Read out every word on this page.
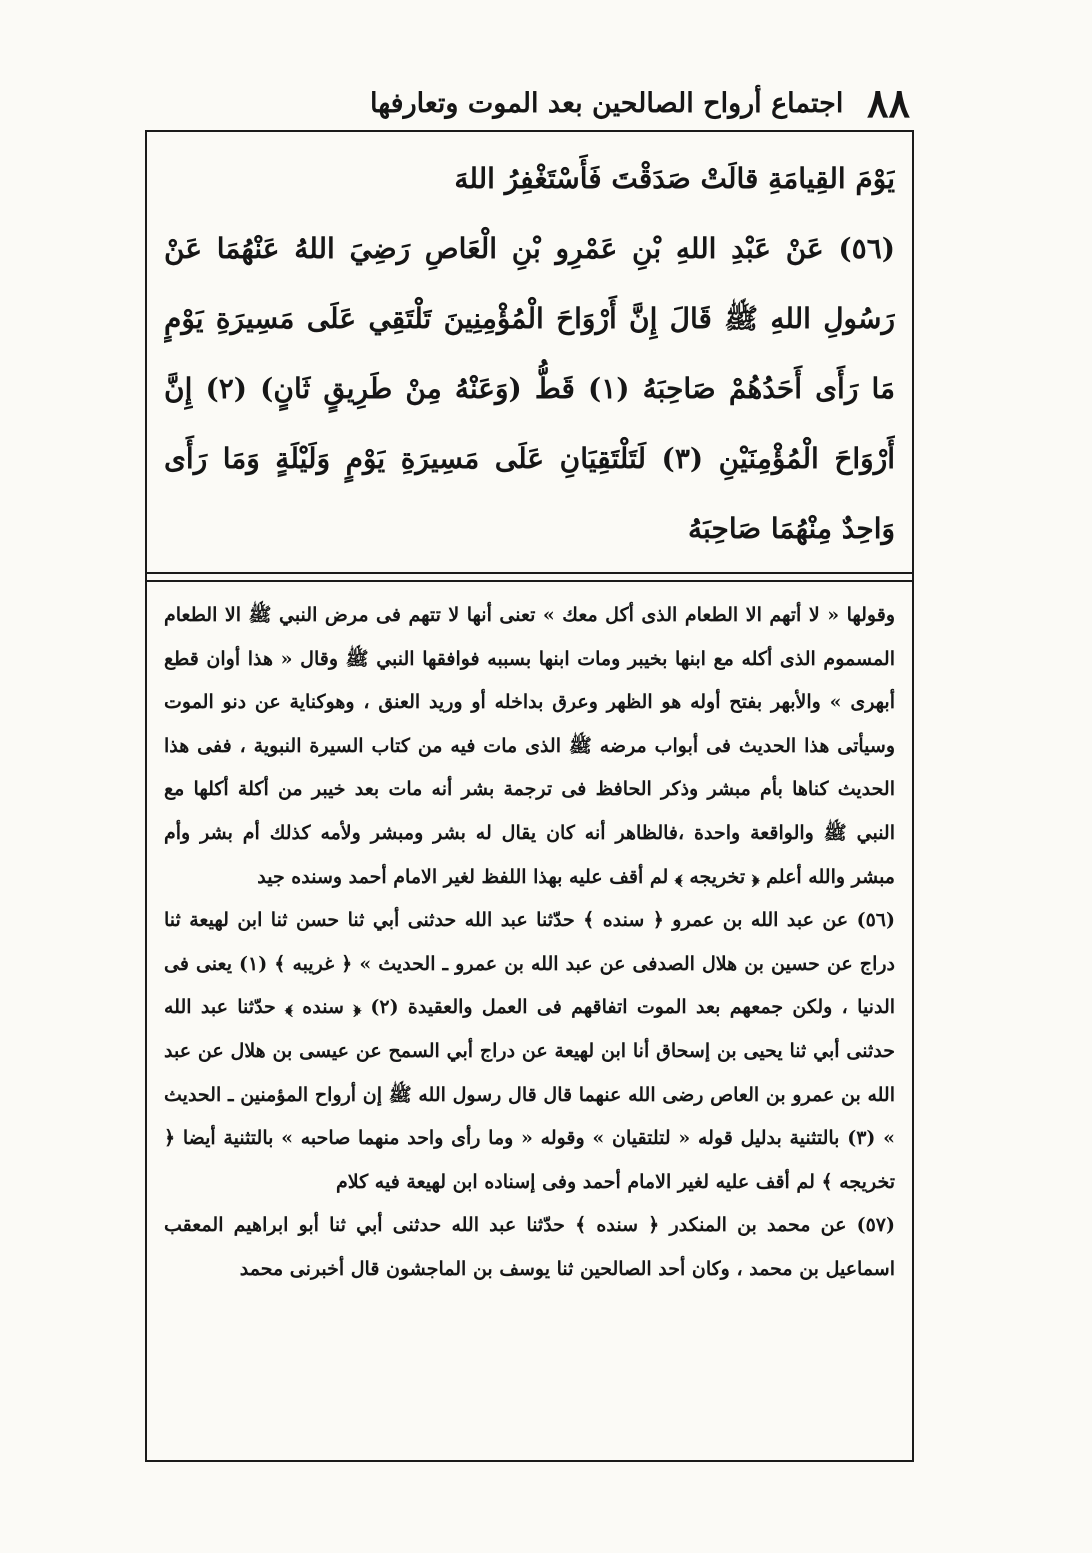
٨٨
اجتماع أرواح الصالحين بعد الموت وتعارفها

يَوْمَ القِيامَةِ قالَتْ صَدَقْتَ فَأَسْتَغْفِرُ اللهَ

(٥٦) عَنْ عَبْدِ اللهِ بْنِ عَمْرِو بْنِ الْعَاصِ رَضِيَ اللهُ عَنْهُمَا عَنْ رَسُولِ اللهِ ﷺ قَالَ إِنَّ أَرْوَاحَ الْمُؤْمِنِينَ تَلْتَقِي عَلَى مَسِيرَةِ يَوْمٍ مَا رَأَى أَحَدُهُمْ صَاحِبَهُ (١) قَطُّ (وَعَنْهُ مِنْ طَرِيقٍ ثَانٍ) (٢) إِنَّ أَرْوَاحَ الْمُؤْمِنَيْنِ (٣) لَتَلْتَقِيَانِ عَلَى مَسِيرَةِ يَوْمٍ وَلَيْلَةٍ وَمَا رَأَى وَاحِدٌ مِنْهُمَا صَاحِبَهُ

وقولها « لا أتهم الا الطعام الذى أكل معك » تعنى أنها لا تتهم فى مرض النبي ﷺ الا الطعام المسموم الذى أكله مع ابنها بخيبر ومات ابنها بسببه فوافقها النبي ﷺ وقال « هذا أوان قطع أبهرى » والأبهر بفتح أوله هو الظهر وعرق بداخله أو وريد العنق ، وهوكناية عن دنو الموت وسيأتى هذا الحديث فى أبواب مرضه ﷺ الذى مات فيه من كتاب السيرة النبوية ، ففى هذا الحديث كناها بأم مبشر وذكر الحافظ فى ترجمة بشر أنه مات بعد خيبر من أكلة أكلها مع النبي ﷺ والواقعة واحدة ،فالظاهر أنه كان يقال له بشر ومبشر ولأمه كذلك أم بشر وأم مبشر والله أعلم ﴿ تخريجه ﴾ لم أقف عليه بهذا اللفظ لغير الامام أحمد وسنده جيد

(٥٦) عن عبد الله بن عمرو ﴿ سنده ﴾ حدّثنا عبد الله حدثنى أبي ثنا حسن ثنا ابن لهيعة ثنا دراج عن حسين بن هلال الصدفى عن عبد الله بن عمرو ـ الحديث » ﴿ غريبه ﴾ (١) يعنى فى الدنيا ، ولكن جمعهم بعد الموت اتفاقهم فى العمل والعقيدة (٢) ﴿ سنده ﴾ حدّثنا عبد الله حدثنى أبي ثنا يحيى بن إسحاق أنا ابن لهيعة عن دراج أبي السمح عن عيسى بن هلال عن عبد الله بن عمرو بن العاص رضى الله عنهما قال قال رسول الله ﷺ إن أرواح المؤمنين ـ الحديث » (٣) بالتثنية بدليل قوله « لتلتقيان » وقوله « وما رأى واحد منهما صاحبه » بالتثنية أيضا ﴿ تخريجه ﴾ لم أقف عليه لغير الامام أحمد وفى إسناده ابن لهيعة فيه كلام

(٥٧) عن محمد بن المنكدر ﴿ سنده ﴾ حدّثنا عبد الله حدثنى أبي ثنا أبو ابراهيم المعقب اسماعيل بن محمد ، وكان أحد الصالحين ثنا يوسف بن الماجشون قال أخبرنى محمد
